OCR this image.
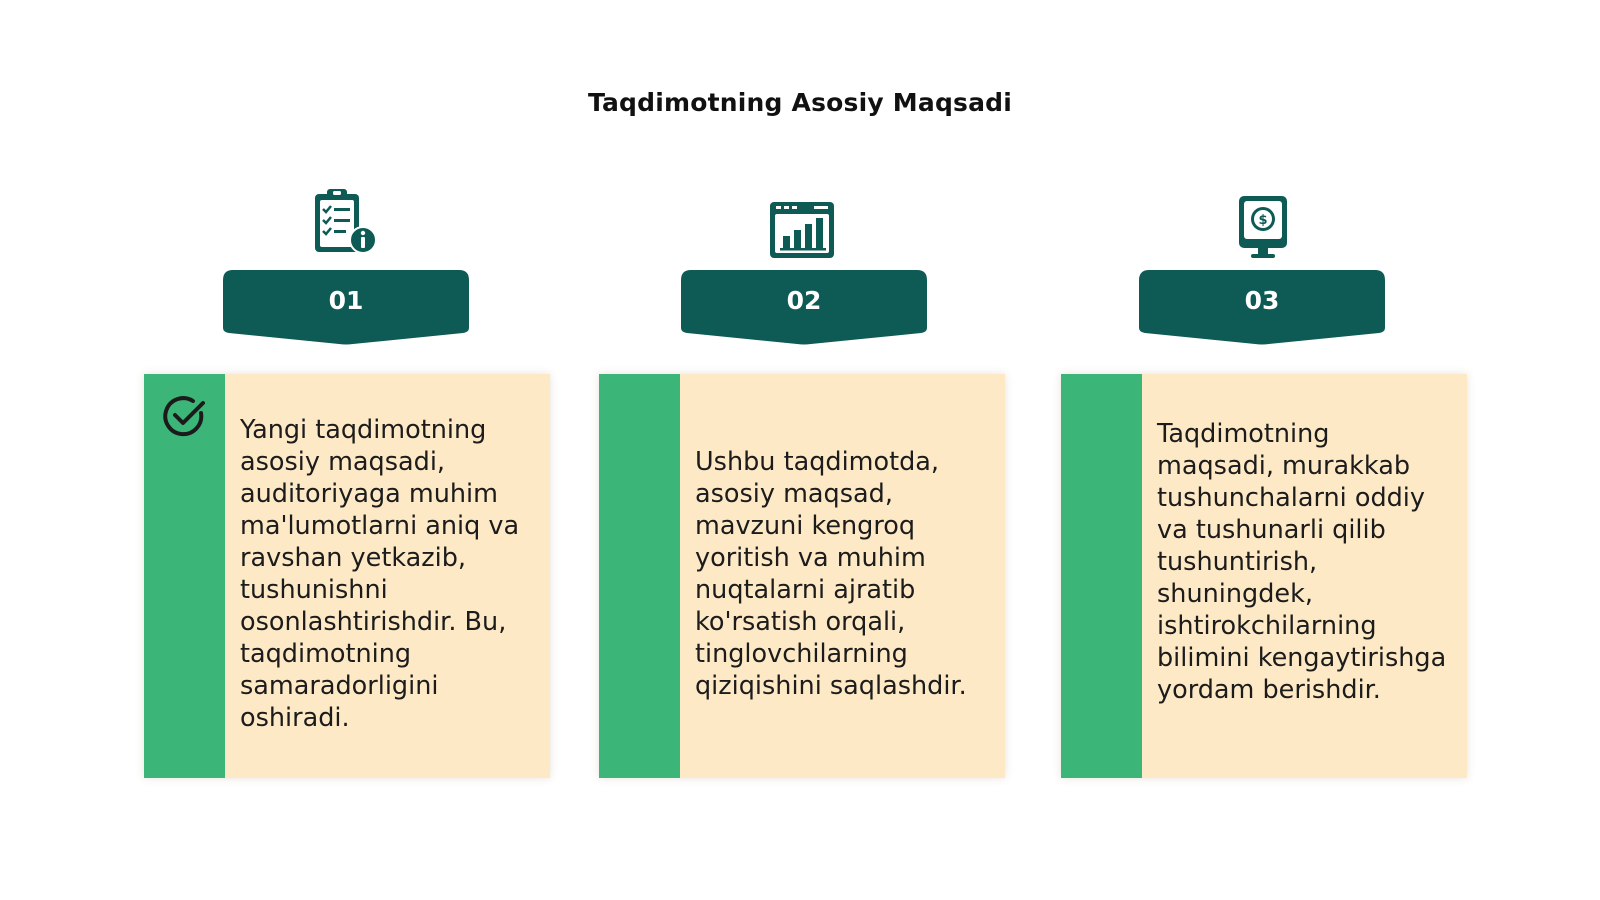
Taqdimotning Asosiy Maqsadi
01
Yangi taqdimotning asosiy maqsadi, auditoriyaga muhim ma'lumotlarni aniq va ravshan yetkazib, tushunishni osonlashtirishdir. Bu, taqdimotning samaradorligini oshiradi.
02
Ushbu taqdimotda, asosiy maqsad, mavzuni kengroq yoritish va muhim nuqtalarni ajratib ko'rsatish orqali, tinglovchilarning qiziqishini saqlashdir.
$
03
Taqdimotning maqsadi, murakkab tushunchalarni oddiy va tushunarli qilib tushuntirish, shuningdek, ishtirokchilarning bilimini kengaytirishga yordam berishdir.
